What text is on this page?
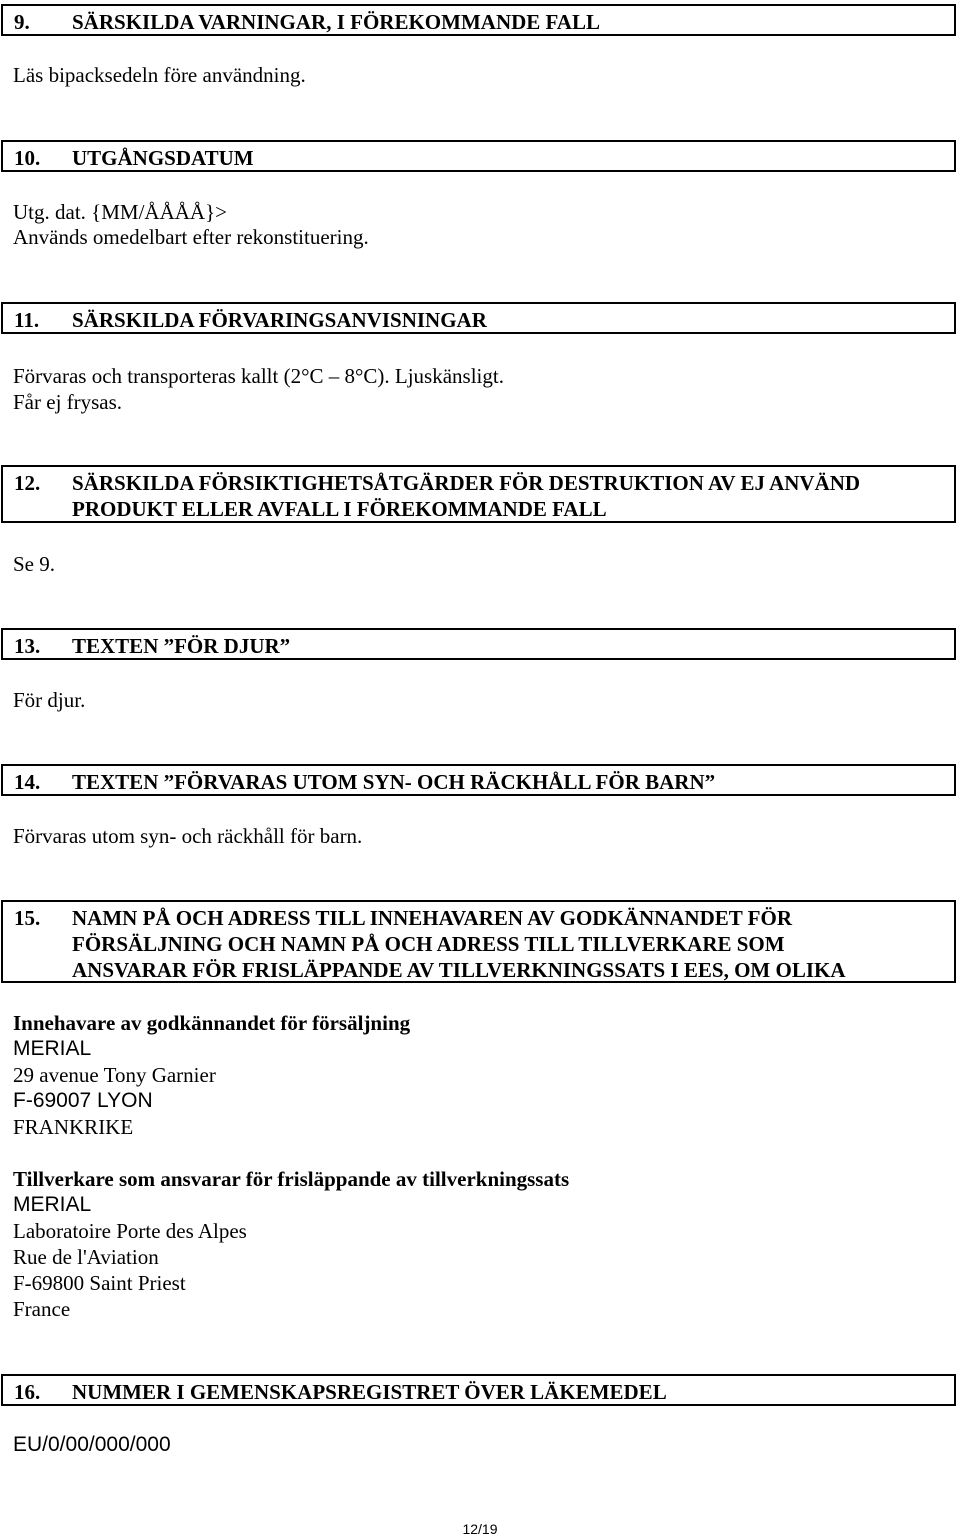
9.	SÄRSKILDA VARNINGAR, I FÖREKOMMANDE FALL
Läs bipacksedeln före användning.
10.	UTGÅNGSDATUM
Utg. dat. {MM/ÅÅÅÅ}>
Används omedelbart efter rekonstituering.
11.	SÄRSKILDA FÖRVARINGSANVISNINGAR
Förvaras och transporteras kallt (2°C – 8°C). Ljuskänsligt.
Får ej frysas.
12.	SÄRSKILDA FÖRSIKTIGHETSÅTGÄRDER FÖR DESTRUKTION AV EJ ANVÄND
PRODUKT ELLER AVFALL I FÖREKOMMANDE FALL
Se 9.
13.	TEXTEN ”FÖR DJUR”
För djur.
14.	TEXTEN ”FÖRVARAS UTOM SYN- OCH RÄCKHÅLL FÖR BARN”
Förvaras utom syn- och räckhåll för barn.
15.	NAMN PÅ OCH ADRESS TILL INNEHAVAREN AV GODKÄNNANDET FÖR
FÖRSÄLJNING OCH NAMN PÅ OCH ADRESS TILL TILLVERKARE SOM
ANSVARAR FÖR FRISLÄPPANDE AV TILLVERKNINGSSATS I EES, OM OLIKA
Innehavare av godkännandet för försäljning
MERIAL
29 avenue Tony Garnier
F-69007 LYON
FRANKRIKE
Tillverkare som ansvarar för frisläppande av tillverkningssats
MERIAL
Laboratoire Porte des Alpes
Rue de l'Aviation
F-69800 Saint Priest
France
16.	NUMMER I GEMENSKAPSREGISTRET ÖVER LÄKEMEDEL
EU/0/00/000/000
12/19
